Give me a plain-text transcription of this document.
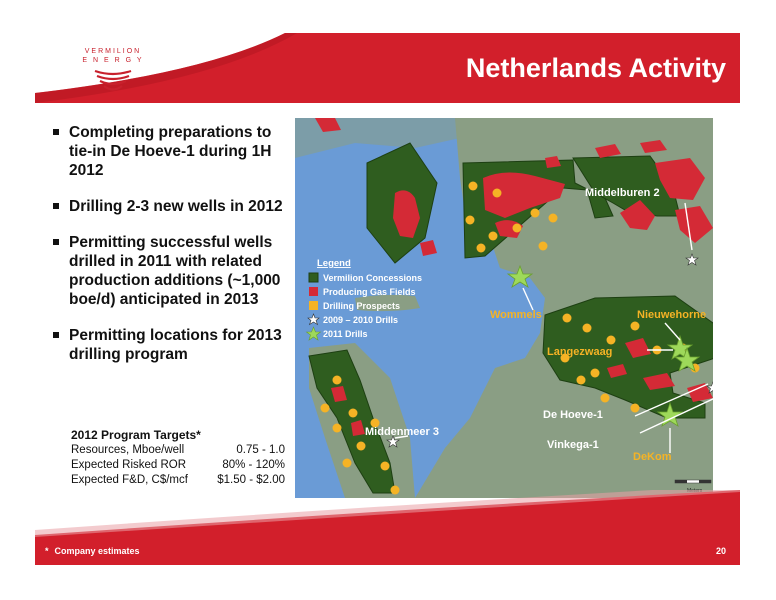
VERMILION
E N E R G Y	Netherlands Activity
Completing preparations to tie-in De Hoeve-1 during 1H 2012
Drilling 2-3 new wells in 2012
Permitting successful wells drilled in 2011 with related production additions (~1,000 boe/d) anticipated in 2013
Permitting locations for 2013 drilling program
2012 Program Targets*
Resources, Mboe/well	0.75 - 1.0
Expected Risked ROR	80% - 120%
Expected F&D, C$/mcf	$1.50 - $2.00
Legend
Vermilion Concessions
Producing Gas Fields
Drilling Prospects
2009 – 2010 Drills
2011 Drills
Middelburen 2
Wommels	Nieuwehorne
Langezwaag
De Hoeve-1
Vinkega-1
DeKom
Middenmeer 3
* Company estimates	20
